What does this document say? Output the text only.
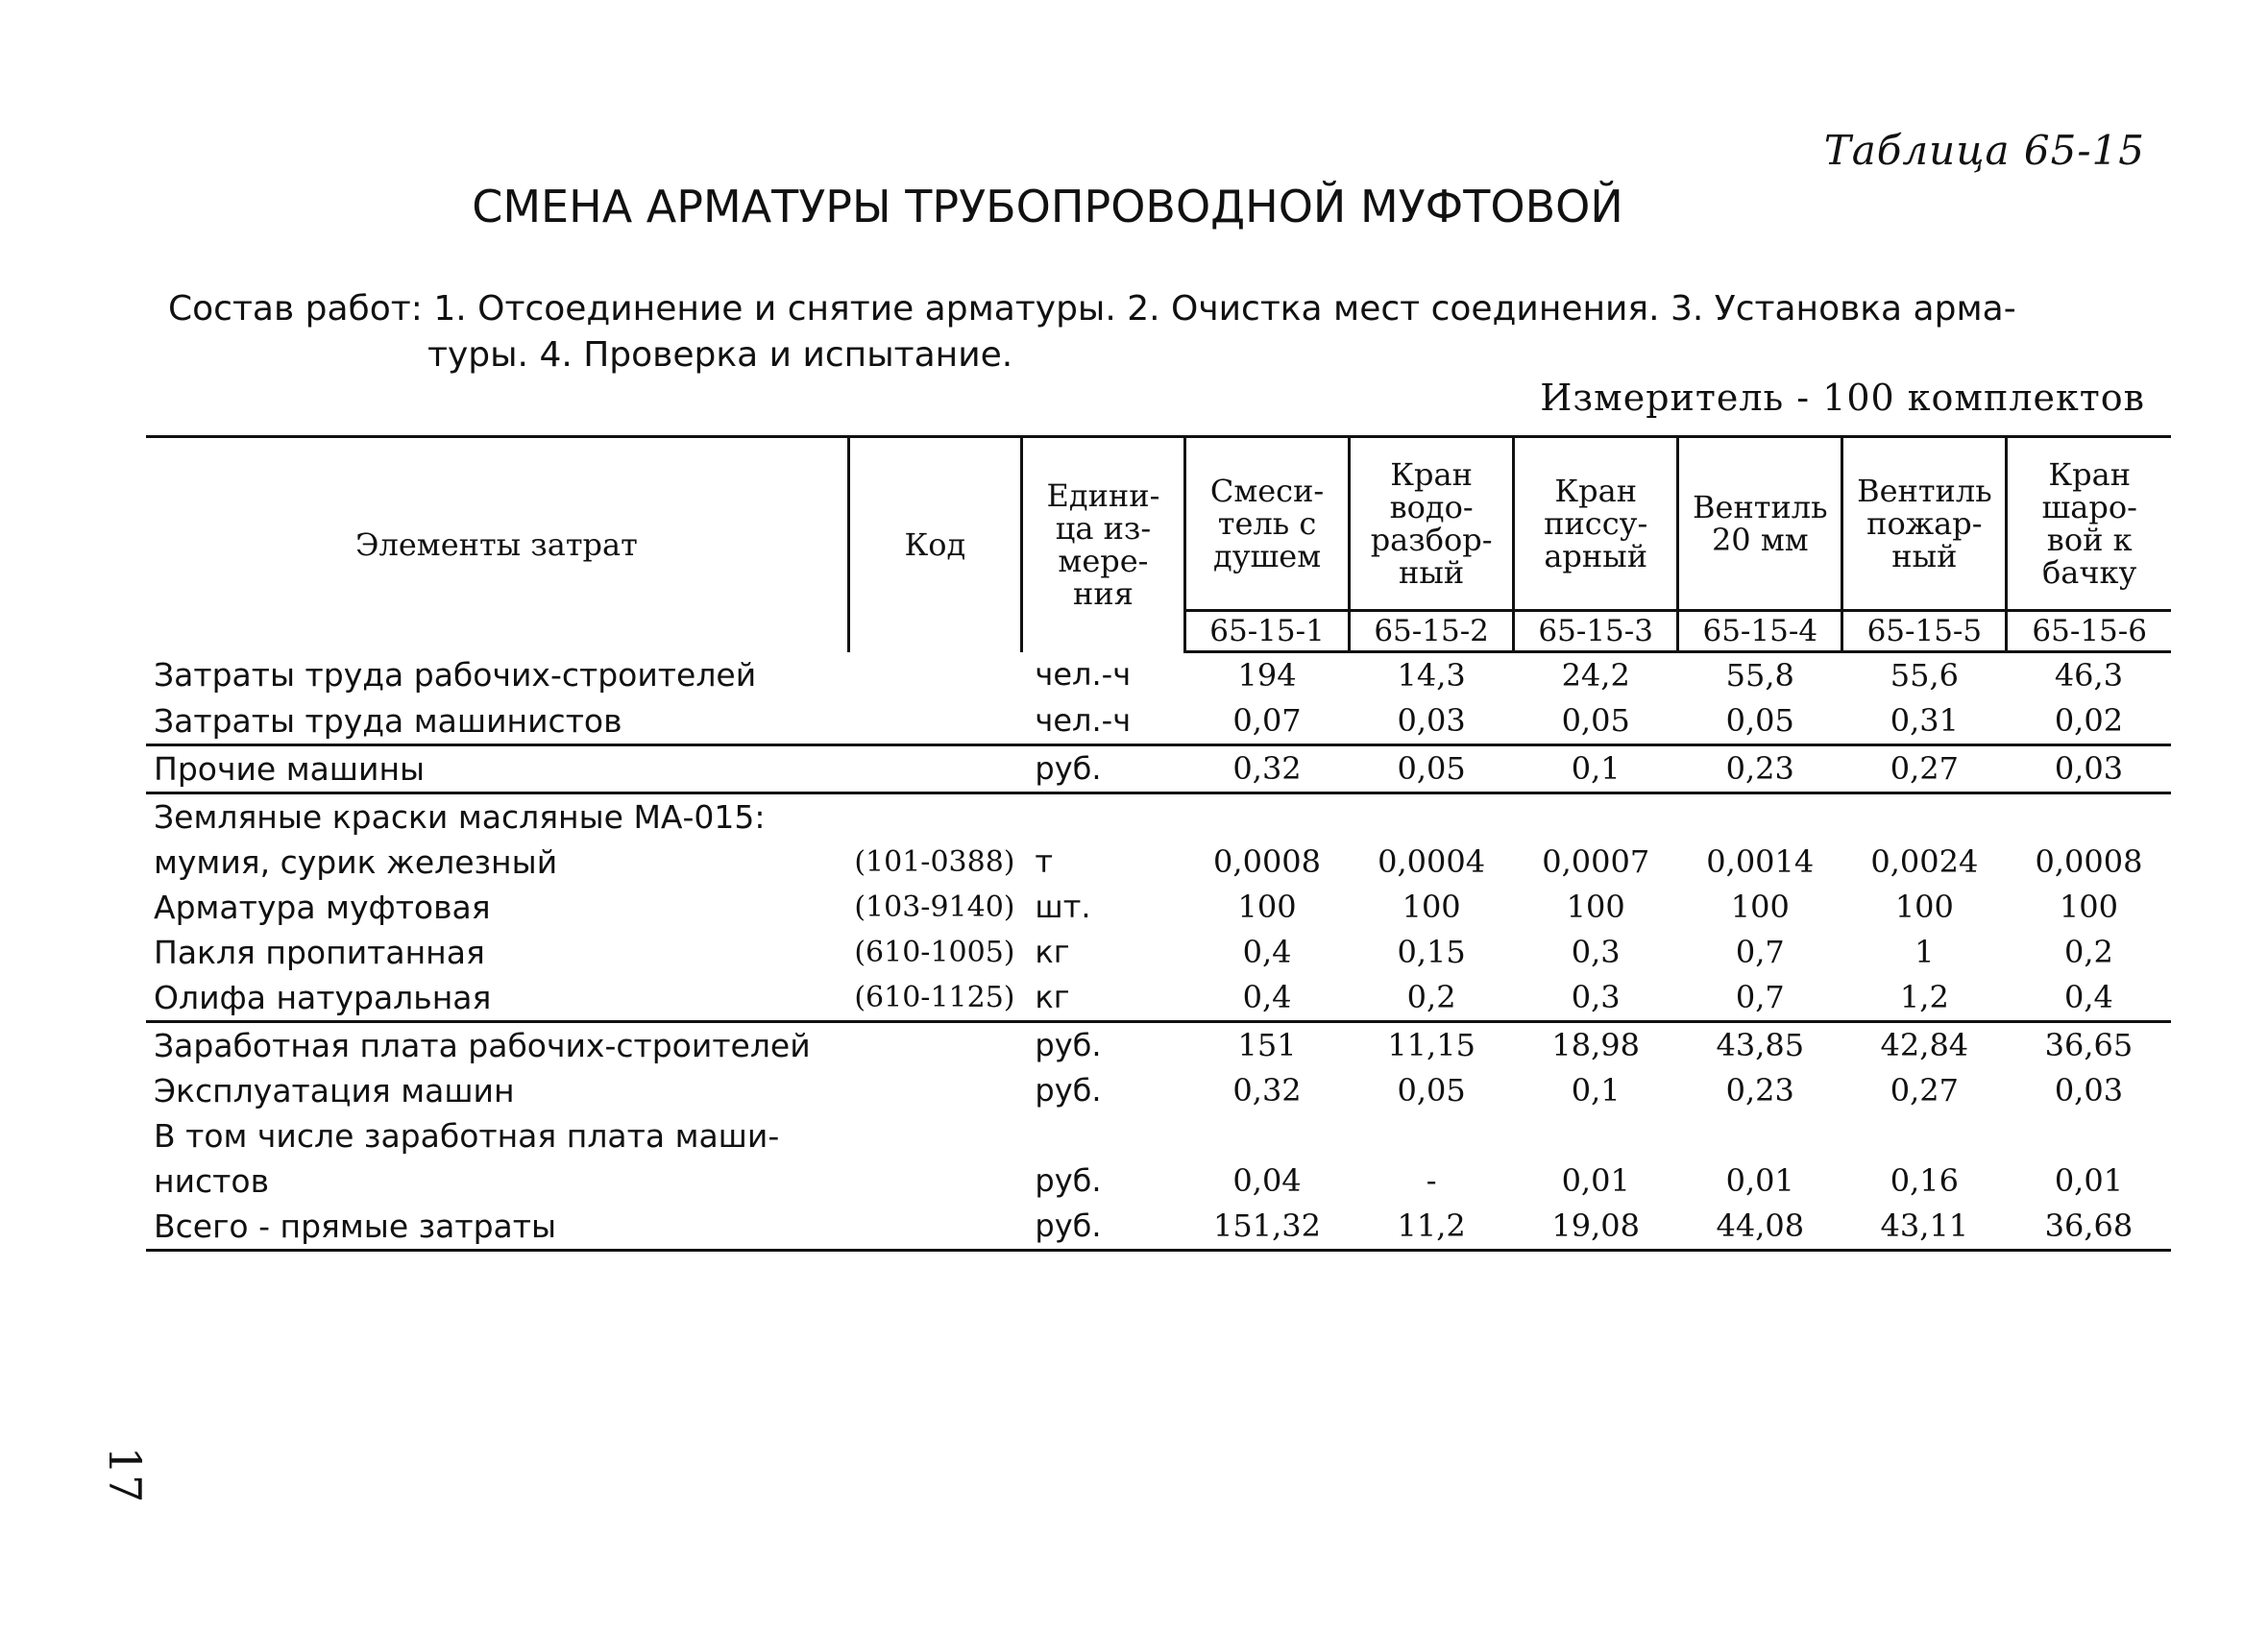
Таблица 65-15
СМЕНА АРМАТУРЫ ТРУБОПРОВОДНОЙ МУФТОВОЙ
Состав работ: 1. Отсоединение и снятие арматуры. 2. Очистка мест соединения. 3. Установка арма-
туры. 4. Проверка и испытание.
Измеритель - 100 комплектов
Элементы затрат	Код	Едини- ца из- мере- ния	Смеси- тель с душем	Кран водо- разбор- ный	Кран писсу- арный	Вентиль 20 мм	Вентиль пожар- ный	Кран шаро- вой к бачку
			65-15-1	65-15-2	65-15-3	65-15-4	65-15-5	65-15-6
Затраты труда рабочих-строителей		чел.-ч	194	14,3	24,2	55,8	55,6	46,3
Затраты труда машинистов		чел.-ч	0,07	0,03	0,05	0,05	0,31	0,02
Прочие машины		руб.	0,32	0,05	0,1	0,23	0,27	0,03
Земляные краски масляные МА-015:								
мумия, сурик железный	(101-0388)	т	0,0008	0,0004	0,0007	0,0014	0,0024	0,0008
Арматура муфтовая	(103-9140)	шт.	100	100	100	100	100	100
Пакля пропитанная	(610-1005)	кг	0,4	0,15	0,3	0,7	1	0,2
Олифа натуральная	(610-1125)	кг	0,4	0,2	0,3	0,7	1,2	0,4
Заработная плата рабочих-строителей		руб.	151	11,15	18,98	43,85	42,84	36,65
Эксплуатация машин		руб.	0,32	0,05	0,1	0,23	0,27	0,03
В том числе заработная плата маши-								
нистов		руб.	0,04	-	0,01	0,01	0,16	0,01
Всего - прямые затраты		руб.	151,32	11,2	19,08	44,08	43,11	36,68
17
